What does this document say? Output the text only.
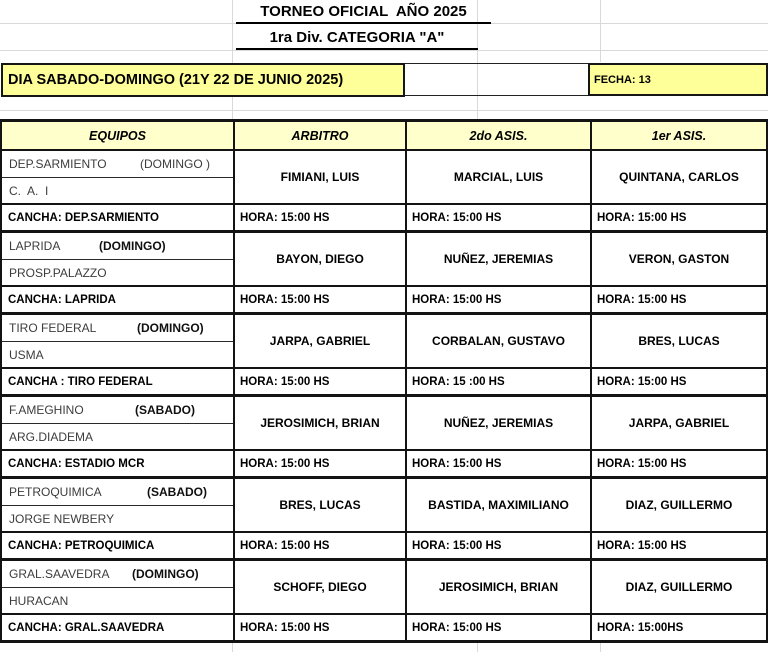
TORNEO OFICIAL  AÑO 2025
1ra Div. CATEGORIA "A"
DIA SABADO-DOMINGO (21Y 22 DE JUNIO 2025)	FECHA: 13
EQUIPOS	ARBITRO	2do ASIS.	1er ASIS.
DEP.SARMIENTO	(DOMINGO )
C.  A.  I
FIMIANI, LUIS	MARCIAL, LUIS	QUINTANA, CARLOS
CANCHA: DEP.SARMIENTO	HORA: 15:00 HS	HORA: 15:00 HS	HORA: 15:00 HS
LAPRIDA	(DOMINGO)
PROSP.PALAZZO
BAYON, DIEGO	NUÑEZ, JEREMIAS	VERON, GASTON
CANCHA: LAPRIDA	HORA: 15:00 HS	HORA: 15:00 HS	HORA: 15:00 HS
TIRO FEDERAL	(DOMINGO)
USMA
JARPA, GABRIEL	CORBALAN, GUSTAVO	BRES, LUCAS
CANCHA : TIRO FEDERAL	HORA: 15:00 HS	HORA: 15 :00 HS	HORA: 15:00 HS
F.AMEGHINO	(SABADO)
ARG.DIADEMA
JEROSIMICH, BRIAN	NUÑEZ, JEREMIAS	JARPA, GABRIEL
CANCHA: ESTADIO MCR	HORA: 15:00 HS	HORA: 15:00 HS	HORA: 15:00 HS
PETROQUIMICA	(SABADO)
JORGE NEWBERY
BRES, LUCAS	BASTIDA, MAXIMILIANO	DIAZ, GUILLERMO
CANCHA: PETROQUIMICA	HORA: 15:00 HS	HORA: 15:00 HS	HORA: 15:00 HS
GRAL.SAAVEDRA (DOMINGO)
HURACAN
SCHOFF, DIEGO	JEROSIMICH, BRIAN	DIAZ, GUILLERMO
CANCHA: GRAL.SAAVEDRA	HORA: 15:00 HS	HORA: 15:00 HS	HORA: 15:00HS
